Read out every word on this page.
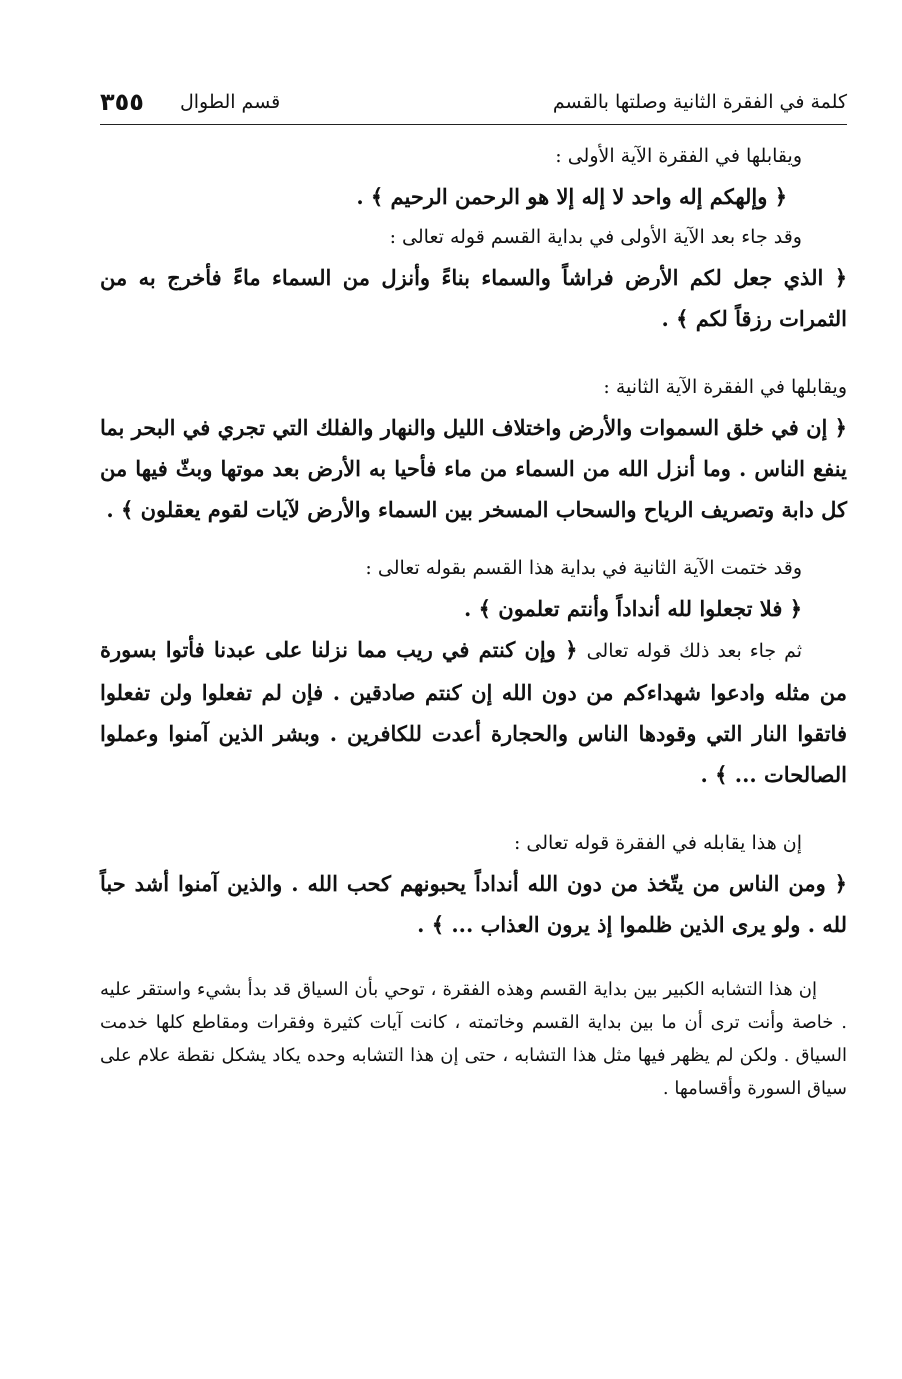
٣٥٥ قسم الطوال	كلمة في الفقرة الثانية وصلتها بالقسم
ويقابلها في الفقرة الآية الأولى :
﴿ وإلهكم إله واحد لا إله إلا هو الرحمن الرحيم ﴾ .
وقد جاء بعد الآية الأولى في بداية القسم قوله تعالى :
﴿ الذي جعل لكم الأرض فراشاً والسماء بناءً وأنزل من السماء ماءً فأخرج به من الثمرات رزقاً لكم ﴾ .
ويقابلها في الفقرة الآية الثانية :
﴿ إن في خلق السموات والأرض واختلاف الليل والنهار والفلك التي تجري في البحر بما ينفع الناس . وما أنزل الله من السماء من ماء فأحيا به الأرض بعد موتها وبثّ فيها من كل دابة وتصريف الرياح والسحاب المسخر بين السماء والأرض لآيات لقوم يعقلون ﴾ .
وقد ختمت الآية الثانية في بداية هذا القسم بقوله تعالى :
﴿ فلا تجعلوا لله أنداداً وأنتم تعلمون ﴾ .
ثم جاء بعد ذلك قوله تعالى ﴿ وإن كنتم في ريب مما نزلنا على عبدنا فأتوا بسورة من مثله وادعوا شهداءكم من دون الله إن كنتم صادقين . فإن لم تفعلوا ولن تفعلوا فاتقوا النار التي وقودها الناس والحجارة أعدت للكافرين . وبشر الذين آمنوا وعملوا الصالحات ... ﴾ .
إن هذا يقابله في الفقرة قوله تعالى :
﴿ ومن الناس من يتّخذ من دون الله أنداداً يحبونهم كحب الله . والذين آمنوا أشد حباً لله . ولو يرى الذين ظلموا إذ يرون العذاب ... ﴾ .
إن هذا التشابه الكبير بين بداية القسم وهذه الفقرة ، توحي بأن السياق قد بدأ بشيء واستقر عليه . خاصة وأنت ترى أن ما بين بداية القسم وخاتمته ، كانت آيات كثيرة وفقرات ومقاطع كلها خدمت السياق . ولكن لم يظهر فيها مثل هذا التشابه ، حتى إن هذا التشابه وحده يكاد يشكل نقطة علام على سياق السورة وأقسامها .
